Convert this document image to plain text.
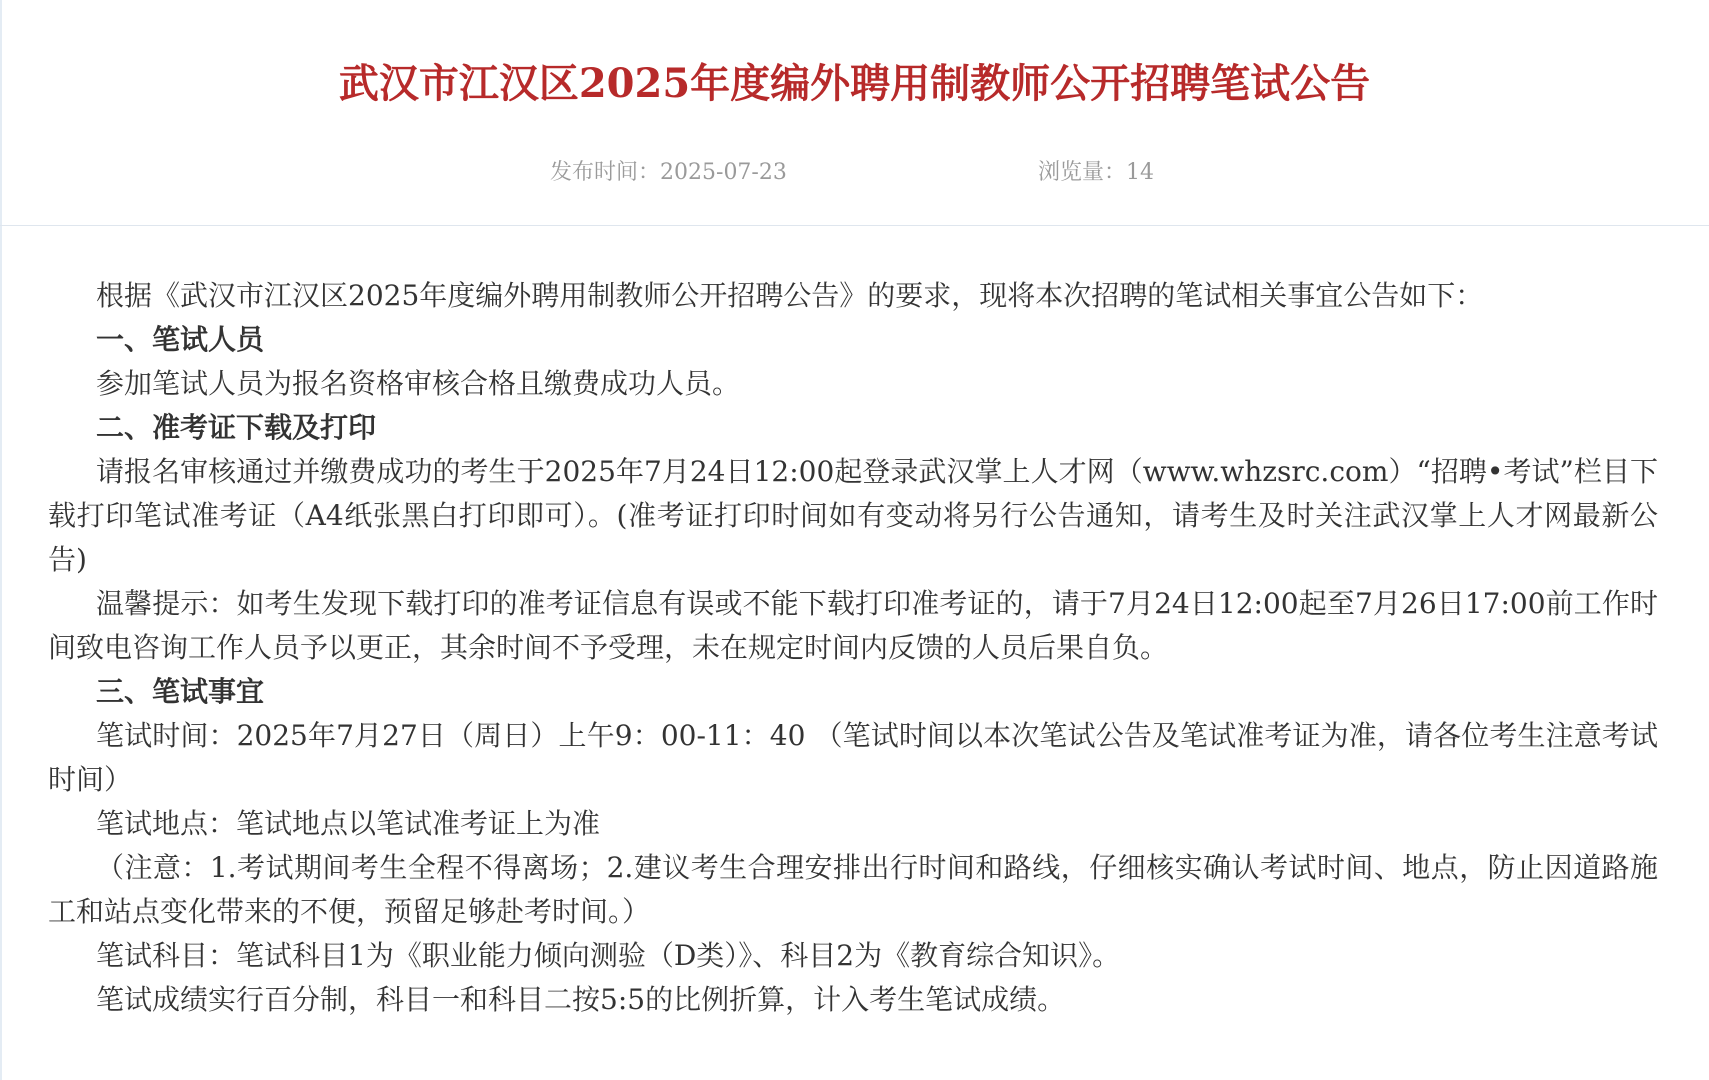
武汉市江汉区2025年度编外聘用制教师公开招聘笔试公告
发布时间：2025-07-23	浏览量：14

根据《武汉市江汉区2025年度编外聘用制教师公开招聘公告》的要求，现将本次招聘的笔试相关事宜公告如下：

一、笔试人员

参加笔试人员为报名资格审核合格且缴费成功人员。

二、准考证下载及打印

请报名审核通过并缴费成功的考生于2025年7月24日12:00起登录武汉掌上人才网（www.whzsrc.com）“招聘•考试”栏目下载打印笔试准考证（A4纸张黑白打印即可）。(准考证打印时间如有变动将另行公告通知，请考生及时关注武汉掌上人才网最新公告)

温馨提示：如考生发现下载打印的准考证信息有误或不能下载打印准考证的，请于7月24日12:00起至7月26日17:00前工作时间致电咨询工作人员予以更正，其余时间不予受理，未在规定时间内反馈的人员后果自负。

三、笔试事宜

笔试时间：2025年7月27日（周日）上午9：00-11：40 （笔试时间以本次笔试公告及笔试准考证为准，请各位考生注意考试时间）

笔试地点：笔试地点以笔试准考证上为准

（注意：1.考试期间考生全程不得离场；2.建议考生合理安排出行时间和路线，仔细核实确认考试时间、地点，防止因道路施工和站点变化带来的不便，预留足够赴考时间。）

笔试科目：笔试科目1为《职业能力倾向测验（D类）》、科目2为《教育综合知识》。

笔试成绩实行百分制，科目一和科目二按5:5的比例折算，计入考生笔试成绩。
